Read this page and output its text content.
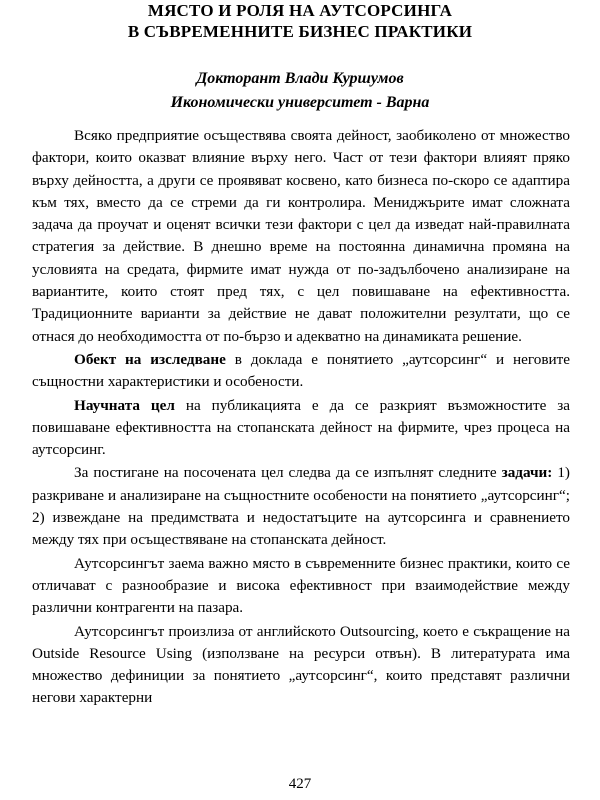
МЯСТО И РОЛЯ НА АУТСОРСИНГА
В СЪВРЕМЕННИТЕ БИЗНЕС ПРАКТИКИ
Докторант Влади Куршумов
Икономически университет - Варна

Всяко предприятие осъществява своята дейност, заобиколено от множество фактори, които оказват влияние върху него. Част от тези фактори влияят пряко върху дейността, а други се проявяват косвено, като бизнеса по-скоро се адаптира към тях, вместо да се стреми да ги контролира. Мениджърите имат сложната задача да проучат и оценят всички тези фактори с цел да изведат най-правилната стратегия за действие. В днешно време на постоянна динамична промяна на условията на средата, фирмите имат нужда от по-задълбочено анализиране на вариантите, които стоят пред тях, с цел повишаване на ефективността. Традиционните варианти за действие не дават положителни резултати, що се отнася до необходимостта от по-бързо и адекватно на динамиката решение.

Обект на изследване в доклада е понятието „аутсорсинг“ и неговите същностни характеристики и особености.

Научната цел на публикацията е да се разкрият възможностите за повишаване ефективността на стопанската дейност на фирмите, чрез процеса на аутсорсинг.

За постигане на посочената цел следва да се изпълнят следните задачи: 1) разкриване и анализиране на същностните особености на понятието „аутсорсинг“; 2) извеждане на предимствата и недостатъците на аутсорсинга и сравнението между тях при осъществяване на стопанската дейност.

Аутсорсингът заема важно място в съвременните бизнес практики, които се отличават с разнообразие и висока ефективност при взаимодействие между различни контрагенти на пазара.

Аутсорсингът произлиза от английското Outsourcing, което е съкращение на Outside Resource Using (използване на ресурси отвън). В литературата има множество дефиниции за понятието „аутсорсинг“, които представят различни негови характерни

427
